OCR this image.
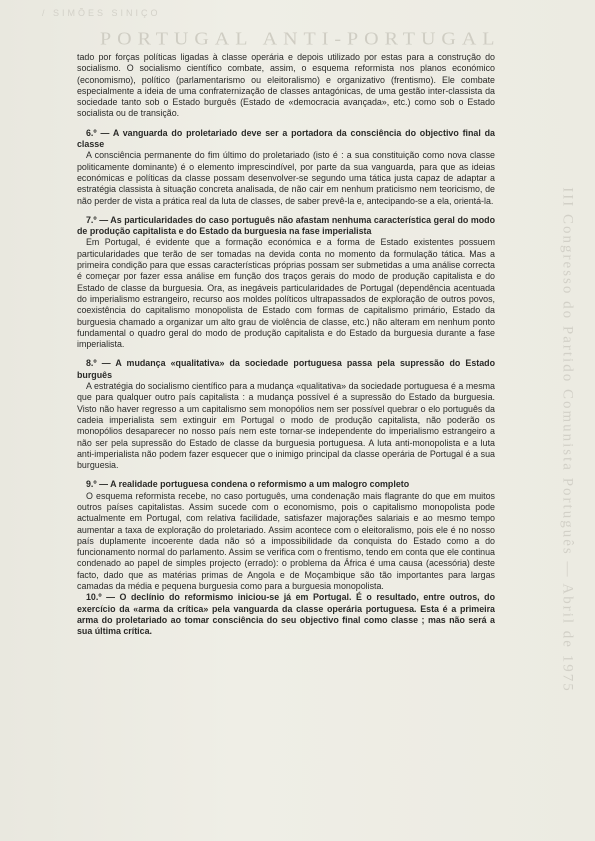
/ SIMÕES SINIÇO
PORTUGAL ANTI-PORTUGAL
III Congresso do Partido Comunista Português — Abril de 1975

tado por forças políticas ligadas à classe operária e depois utilizado por estas para a construção do socialismo. O socialismo científico combate, assim, o esquema reformista nos planos económico (economismo), político (parlamentarismo ou eleitoralismo) e organizativo (frentismo). Ele combate especialmente a ideia de uma confraternização de classes antagónicas, de uma gestão inter-classista da sociedade tanto sob o Estado burguês (Estado de «democracia avançada», etc.) como sob o Estado socialista ou de transição.

6.º — A vanguarda do proletariado deve ser a portadora da consciência do objectivo final da classe

A consciência permanente do fim último do proletariado (isto é : a sua constituição como nova classe politicamente dominante) é o elemento imprescindível, por parte da sua vanguarda, para que as ideias económicas e políticas da classe possam desenvolver-se segundo uma tática justa capaz de adaptar a estratégia classista à situação concreta analisada, de não cair em nenhum praticismo nem teoricismo, de não perder de vista a prática real da luta de classes, de saber prevê-la e, antecipando-se a ela, orientá-la.

7.º — As particularidades do caso português não afastam nenhuma característica geral do modo de produção capitalista e do Estado da burguesia na fase imperialista

Em Portugal, é evidente que a formação económica e a forma de Estado existentes possuem particularidades que terão de ser tomadas na devida conta no momento da formulação tática. Mas a primeira condição para que essas características próprias possam ser submetidas a uma análise correcta é começar por fazer essa análise em função dos traços gerais do modo de produção capitalista e do Estado de classe da burguesia. Ora, as inegáveis particularidades de Portugal (dependência acentuada do imperialismo estrangeiro, recurso aos moldes políticos ultrapassados de exploração de outros povos, coexistência do capitalismo monopolista de Estado com formas de capitalismo primário, Estado da burguesia chamado a organizar um alto grau de violência de classe, etc.) não alteram em nenhum ponto fundamental o quadro geral do modo de produção capitalista e do Estado da burguesia durante a fase imperialista.

8.º — A mudança «qualitativa» da sociedade portuguesa passa pela supressão do Estado burguês

A estratégia do socialismo científico para a mudança «qualitativa» da sociedade portuguesa é a mesma que para qualquer outro país capitalista : a mudança possível é a supressão do Estado da burguesia. Visto não haver regresso a um capitalismo sem monopólios nem ser possível quebrar o elo português da cadeia imperialista sem extinguir em Portugal o modo de produção capitalista, não poderão os monopólios desaparecer no nosso país nem este tornar-se independente do imperialismo estrangeiro a não ser pela supressão do Estado de classe da burguesia portuguesa. A luta anti-monopolista e a luta anti-imperialista não podem fazer esquecer que o inimigo principal da classe operária de Portugal é a sua burguesia.

9.º — A realidade portuguesa condena o reformismo a um malogro completo

O esquema reformista recebe, no caso português, uma condenação mais flagrante do que em muitos outros países capitalistas. Assim sucede com o economismo, pois o capitalismo monopolista pode actualmente em Portugal, com relativa facilidade, satisfazer majorações salariais e ao mesmo tempo aumentar a taxa de exploração do proletariado. Assim acontece com o eleitoralismo, pois ele é no nosso país duplamente incoerente dada não só a impossibilidade da conquista do Estado como a do funcionamento normal do parlamento. Assim se verifica com o frentismo, tendo em conta que ele continua condenado ao papel de simples projecto (errado): o problema da África é uma causa (acessória) deste facto, dado que as matérias primas de Angola e de Moçambique são tão importantes para largas camadas da média e pequena burguesia como para a burguesia monopolista.

10.º — O declínio do reformismo iniciou-se já em Portugal. É o resultado, entre outros, do exercício da «arma da crítica» pela vanguarda da classe operária portuguesa. Esta é a primeira arma do proletariado ao tomar consciência do seu objectivo final como classe ; mas não será a sua última crítica.
